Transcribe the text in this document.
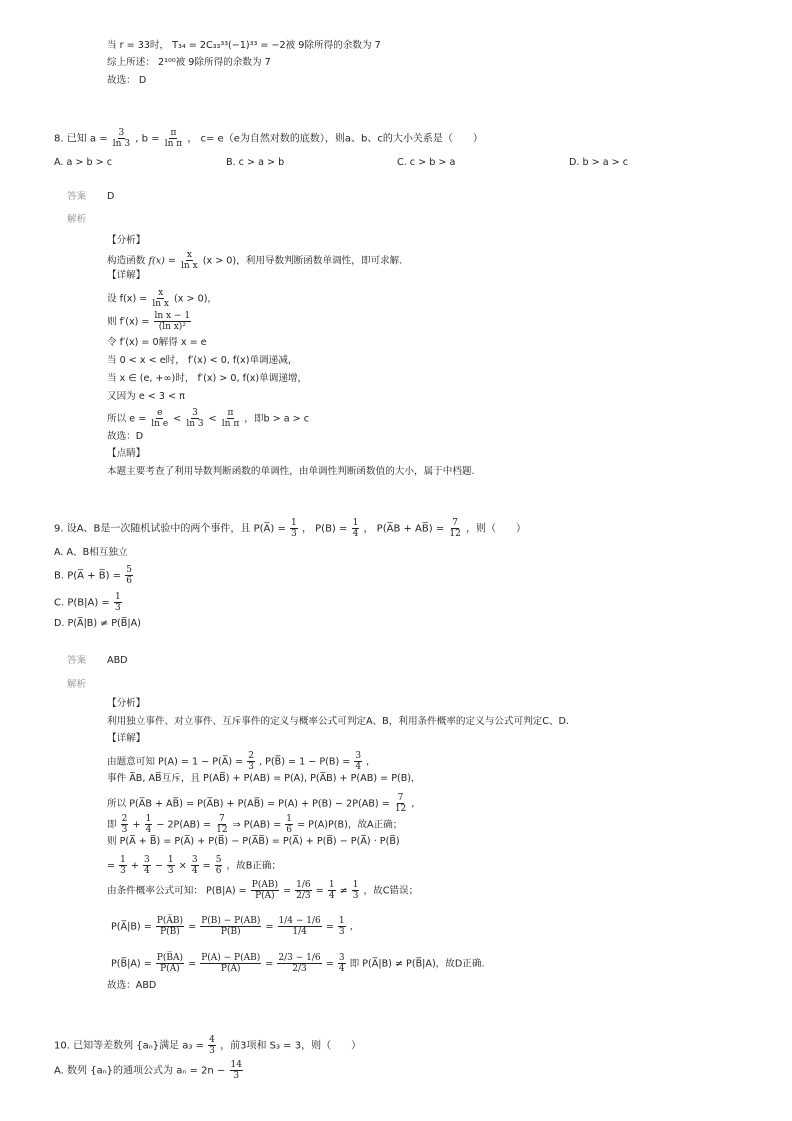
当 r = 33时， T₃₄ = 2C₃₃³³(−1)³³ = −2被 9除所得的余数为 7
综上所述： 2¹⁰⁰被 9除所得的余数为 7
故选： D
8. 已知 $a = \frac{3}{\ln 3}$ , $b = \frac{\pi}{\text{ln π}}$ ， c= e（e为自然对数的底数），则a、b、c的大小关系是（　　）
A. a > b > c	B. c > a > b	C. c > b > a	D. b > a > c
答案 D
解析
【分析】
构造函数 $f(x) = \frac{x}{\text{ln x}} (x > 0)$，利用导数判断函数单调性，即可求解.
【详解】
设 $f(x) = \frac{x}{\text{ln x}} (x > 0)$，
则 $f'(x) = \frac{\text{ln x − 1}}{\text{(ln x)²}}$
令 f′(x) = 0解得 x = e
当 0 < x < e时， f′(x) < 0, f(x)单调递减，
当 x ∈ (e, +∞)时， f′(x) > 0, f(x)单调递增，
又因为 e < 3 < π
所以 $e = \frac{e}{\text{ln e}} < \frac{3}{\ln 3} < \frac{\pi}{\text{ln π}}$ ，即b > a > c
故选：D
【点睛】
本题主要考查了利用导数判断函数的单调性，由单调性判断函数值的大小，属于中档题.
9. 设A、B是一次随机试验中的两个事件，且 P(A̅) = $\frac{1}{3}$ ， $P(B) = \frac{1}{4}$ ， P(A̅B + AB̅) = $\frac{7}{12}$ ，则（　　）
A. A、B相互独立
B. P(A̅ + B̅) = $\frac{5}{6}$
C. $P(B|A) = \frac{1}{3}$
D. P(A̅|B) ≠ P(B̅|A)
答案 ABD
解析
【分析】
利用独立事件、对立事件、互斥事件的定义与概率公式可判定A、B，利用条件概率的定义与公式可判定C、D.
【详解】
由题意可知 P(A) = 1 − P(A̅) = $\frac{2}{3}$ , P(B̅) = $1 - P(B) = \frac{3}{4}$ ,
事件 A̅B, AB̅互斥，且 P(AB̅) + P(AB) = P(A), P(A̅B) + P(AB) = P(B)，
所以 P(A̅B + AB̅) = P(A̅B) + P(AB̅) = $P(A) + P(B) - 2P(AB) = \frac{7}{12}$ ,
即 $\frac{2}{3} + \frac{1}{4} - 2P(AB) = \frac{7}{12}$ ⇒ $P(AB) = \frac{1}{6} = P(A)P(B)$，故A正确；
则 P(A̅ + B̅) = P(A̅) + P(B̅) − P(A̅B̅) = P(A̅) + P(B̅) − P(A̅) · P(B̅)
= $\frac{1}{3} + \frac{3}{4} - \frac{1}{3} \times \frac{3}{4} = \frac{5}{6}$ ，故B正确；
由条件概率公式可知： $P(B|A) = \frac{P(AB)}{P(A)} = \frac{1/6}{2/3} = \frac{1}{4} \ne \frac{1}{3}$ ，故C错误；
P(A̅|B) = $\frac{P(A̅B)}{P(B)} = \frac{P(B) - P(AB)}{P(B)} = \frac{1/4 - 1/6}{1/4} = \frac{1}{3}$ ,
P(B̅|A) = $\frac{P(B̅A)}{P(A)} = \frac{P(A) - P(AB)}{P(A)} = \frac{2/3 - 1/6}{2/3} = \frac{3}{4}$ 即 P(A̅|B) ≠ P(B̅|A)，故D正确.
故选：ABD
10. 已知等差数列 {aₙ}满足 $a_3 = \frac{4}{3}$ ，前3项和 S₃ = 3，则（　　）
A. 数列 {aₙ}的通项公式为 $a_n = 2n - \frac{14}{3}$
